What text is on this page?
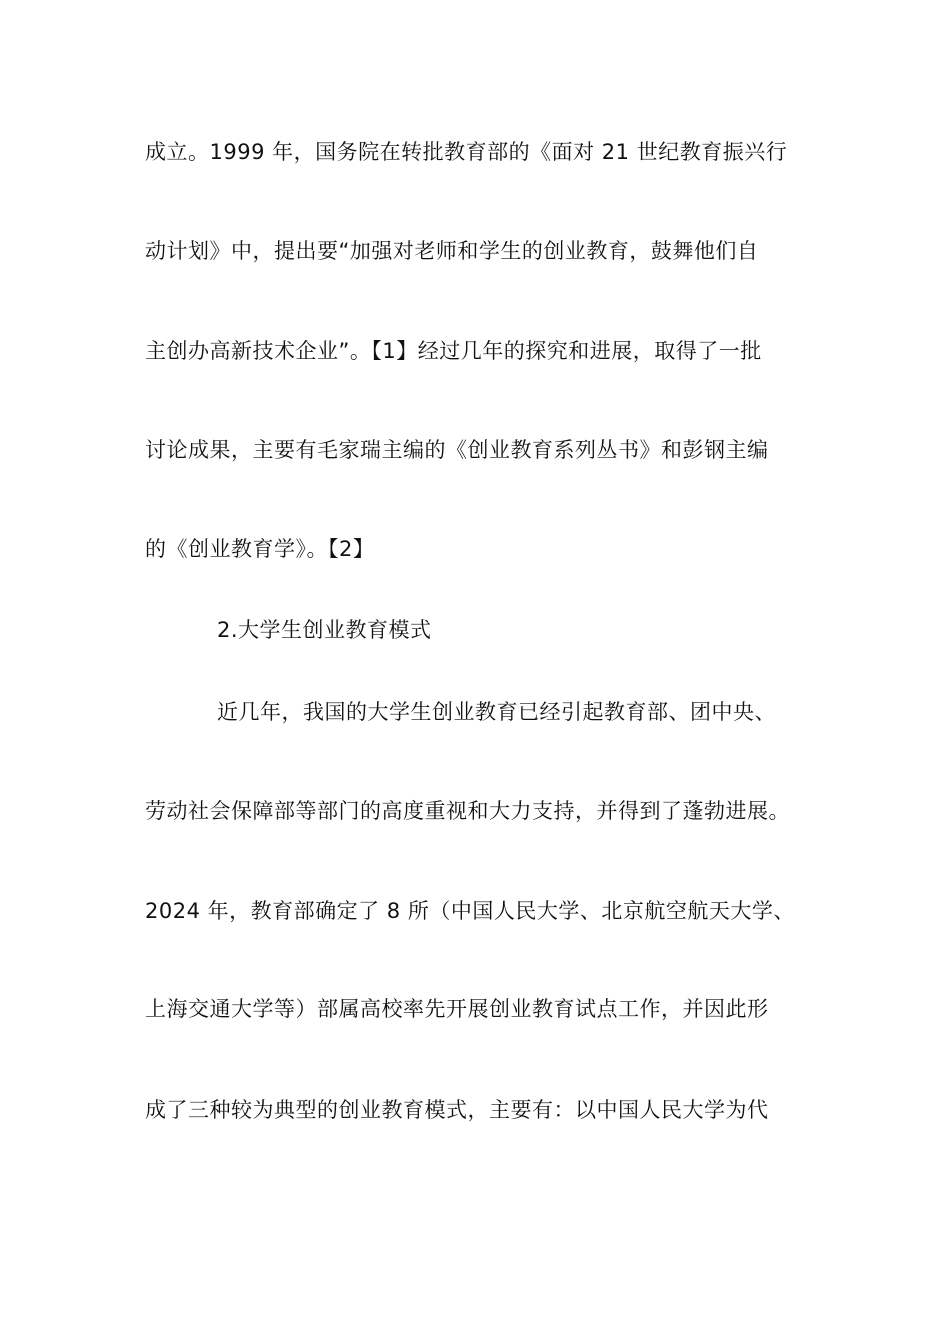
成立。1999 年，国务院在转批教育部的《面对 21 世纪教育振兴行
动计划》中，提出要“加强对老师和学生的创业教育，鼓舞他们自
主创办高新技术企业”。【1】经过几年的探究和进展，取得了一批
讨论成果，主要有毛家瑞主编的《创业教育系列丛书》和彭钢主编
的《创业教育学》。【2】
2.大学生创业教育模式
近几年，我国的大学生创业教育已经引起教育部、团中央、
劳动社会保障部等部门的高度重视和大力支持，并得到了蓬勃进展。
2024 年，教育部确定了 8 所（中国人民大学、北京航空航天大学、
上海交通大学等）部属高校率先开展创业教育试点工作，并因此形
成了三种较为典型的创业教育模式，主要有：以中国人民大学为代
